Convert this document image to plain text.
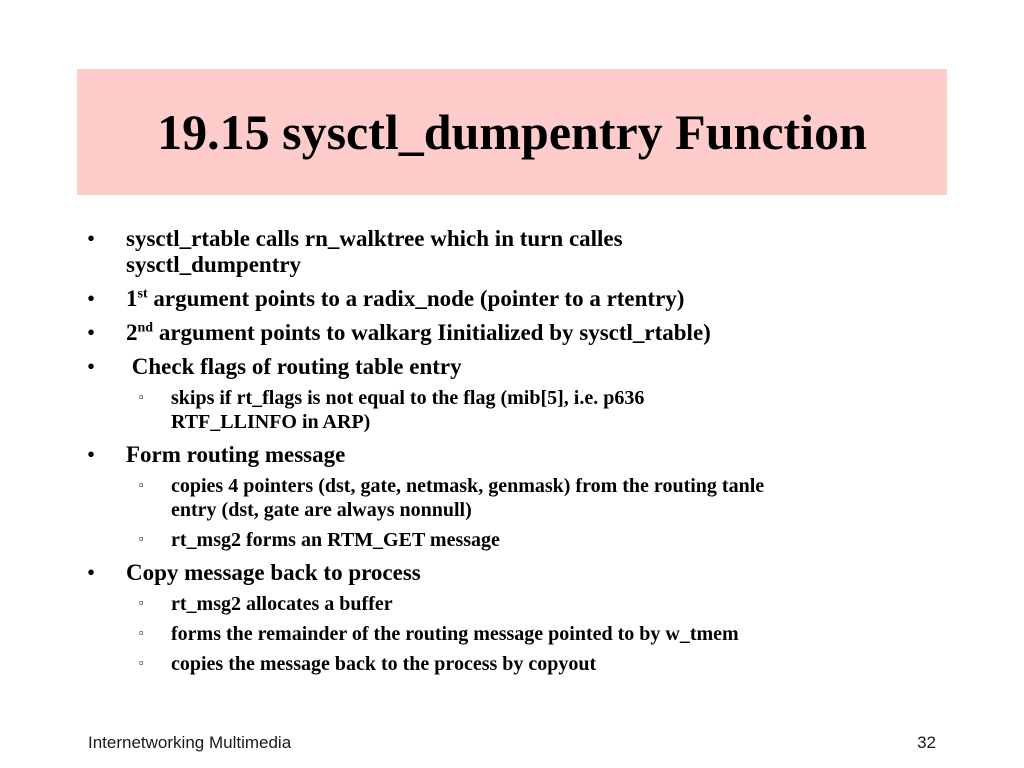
19.15 sysctl_dumpentry Function
• sysctl_rtable calls rn_walktree which in turn calles
sysctl_dumpentry
• 1st argument points to a radix_node (pointer to a rtentry)
• 2nd argument points to walkarg Iinitialized by sysctl_rtable)
• Check flags of routing table entry
▫ skips if rt_flags is not equal to the flag (mib[5], i.e. p636
RTF_LLINFO in ARP)
• Form routing message
▫ copies 4 pointers (dst, gate, netmask, genmask) from the routing tanle
entry (dst, gate are always nonnull)
▫ rt_msg2 forms an RTM_GET message
• Copy message back to process
▫ rt_msg2 allocates a buffer
▫ forms the remainder of the routing message pointed to by w_tmem
▫ copies the message back to the process by copyout
Internetworking Multimedia	32
